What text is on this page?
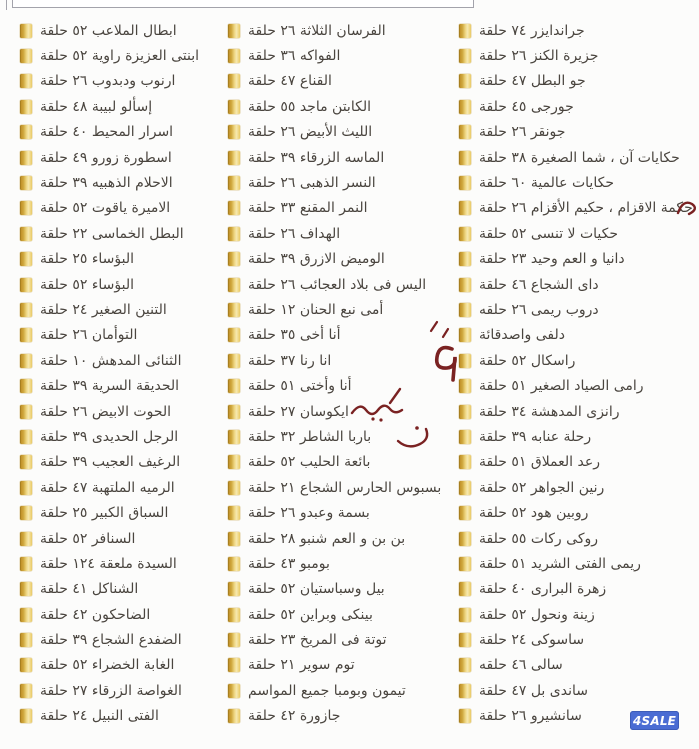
ابطال الملاعب ٥٢ حلقة
ابنتى العزيزة راوية ٥٢ حلقة
ارنوب ودبدوب ٢٦ حلقة
إسألو لبيبة ٤٨ حلقة
اسرار المحيط ٤٠ حلقة
اسطورة زورو ٤٩ حلقة
الاحلام الذهبيه ٣٩ حلقة
الاميرة ياقوت ٥٢ حلقة
البطل الخماسى ٢٢ حلقة
البؤساء ٢٥ حلقة
البؤساء ٥٢ حلقة
التنين الصغير ٢٤ حلقة
التوأمان ٢٦ حلقة
الثنائى المدهش ١٠ حلقة
الحديقة السرية ٣٩ حلقة
الحوت الابيض ٢٦ حلقة
الرجل الحديدى ٣٩ حلقة
الرغيف العجيب ٣٩ حلقة
الرميه الملتهبة ٤٧ حلقة
السباق الكبير ٢٥ حلقة
السنافر ٥٢ حلقة
السيدة ملعقة ١٢٤ حلقة
الشناكل ٤١ حلقة
الضاحكون ٤٢ حلقة
الضفدع الشجاع ٣٩ حلقة
الغابة الخضراء ٥٢ حلقة
الغواصة الزرقاء ٢٧ حلقة
الفتى النبيل ٢٤ حلقة
الفرسان الثلاثة ٢٦ حلقة
الفواكه ٣٦ حلقة
القناع ٤٧ حلقة
الكابتن ماجد ٥٥ حلقة
الليث الأبيض ٢٦ حلقة
الماسه الزرقاء ٣٩ حلقة
النسر الذهبى ٢٦ حلقة
النمر المقنع ٣٣ حلقة
الهداف ٢٦ حلقة
الوميض الازرق ٣٩ حلقة
اليس فى بلاد العجائب ٢٦ حلقة
أمى نبع الحنان ١٢ حلقة
أنا أخى ٣٥ حلقة
انا رنا ٣٧ حلقة
أنا وأختى ٥١ حلقة
ايكوسان ٢٧ حلقة
باربا الشاطر ٣٢ حلقة
بائعة الحليب ٥٢ حلقة
بسبوس الحارس الشجاع ٢١ حلقة
بسمة وعبدو ٢٦ حلقة
بن بن و العم شنبو ٢٨ حلقة
بومبو ٤٣ حلقة
بيل وسباستيان ٥٢ حلقة
بينكى وبراين ٥٢ حلقة
توتة فى المريخ ٢٣ حلقة
توم سوير ٢١ حلقة
تيمون وبومبا جميع المواسم
جازورة ٤٢ حلقة
جراندايزر ٧٤ حلقة
جزيرة الكنز ٢٦ حلقة
جو البطل ٤٧ حلقة
جورجى ٤٥ حلقة
جونقر ٢٦ حلقة
حكايات آن ، شما الصغيرة ٣٨ حلقة
حكايات عالمية ٦٠ حلقة
حكمة الاقزام ، حكيم الأقزام ٢٦ حلقة
حكيات لا تنسى ٥٢ حلقة
دانيا و العم وحيد ٢٣ حلقة
داى الشجاع ٤٦ حلقة
دروب ريمى ٢٦ حلقه
دلفى واصدقائة
راسكال ٥٢ حلقة
رامى الصياد الصغير ٥١ حلقة
رانزى المدهشة ٣٤ حلقة
رحلة عنابه ٣٩ حلقة
رعد العملاق ٥١ حلقة
رنين الجواهر ٥٢ حلقة
روبين هود ٥٢ حلقة
روكى ركات ٥٥ حلقة
ريمى الفتى الشريد ٥١ حلقة
زهرة البرارى ٤٠ حلقة
زينة ونحول ٥٢ حلقة
ساسوكى ٢٤ حلقة
سالى ٤٦ حلقه
ساندى بل ٤٧ حلقة
سانشيرو ٢٦ حلقة	4SALE
